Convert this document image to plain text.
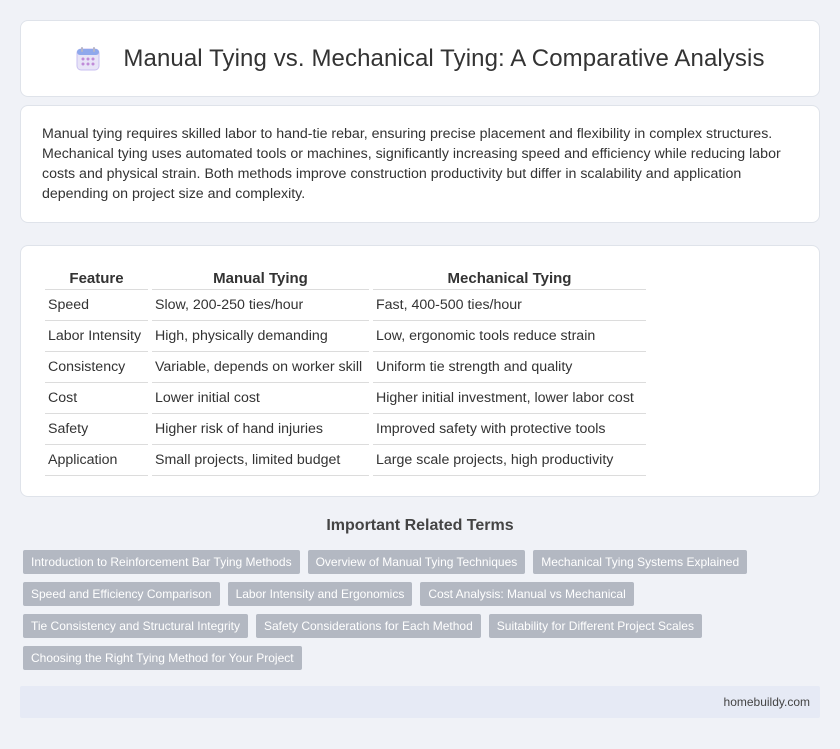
Manual Tying vs. Mechanical Tying: A Comparative Analysis

Manual tying requires skilled labor to hand-tie rebar, ensuring precise placement and flexibility in complex structures. Mechanical tying uses automated tools or machines, significantly increasing speed and efficiency while reducing labor costs and physical strain. Both methods improve construction productivity but differ in scalability and application depending on project size and complexity.

Feature	Manual Tying	Mechanical Tying
Speed	Slow, 200-250 ties/hour	Fast, 400-500 ties/hour
Labor Intensity	High, physically demanding	Low, ergonomic tools reduce strain
Consistency	Variable, depends on worker skill	Uniform tie strength and quality
Cost	Lower initial cost	Higher initial investment, lower labor cost
Safety	Higher risk of hand injuries	Improved safety with protective tools
Application	Small projects, limited budget	Large scale projects, high productivity
Important Related Terms
Introduction to Reinforcement Bar Tying Methods	Overview of Manual Tying Techniques	Mechanical Tying Systems Explained
Speed and Efficiency Comparison	Labor Intensity and Ergonomics	Cost Analysis: Manual vs Mechanical
Tie Consistency and Structural Integrity	Safety Considerations for Each Method	Suitability for Different Project Scales
Choosing the Right Tying Method for Your Project
homebuildy.com
